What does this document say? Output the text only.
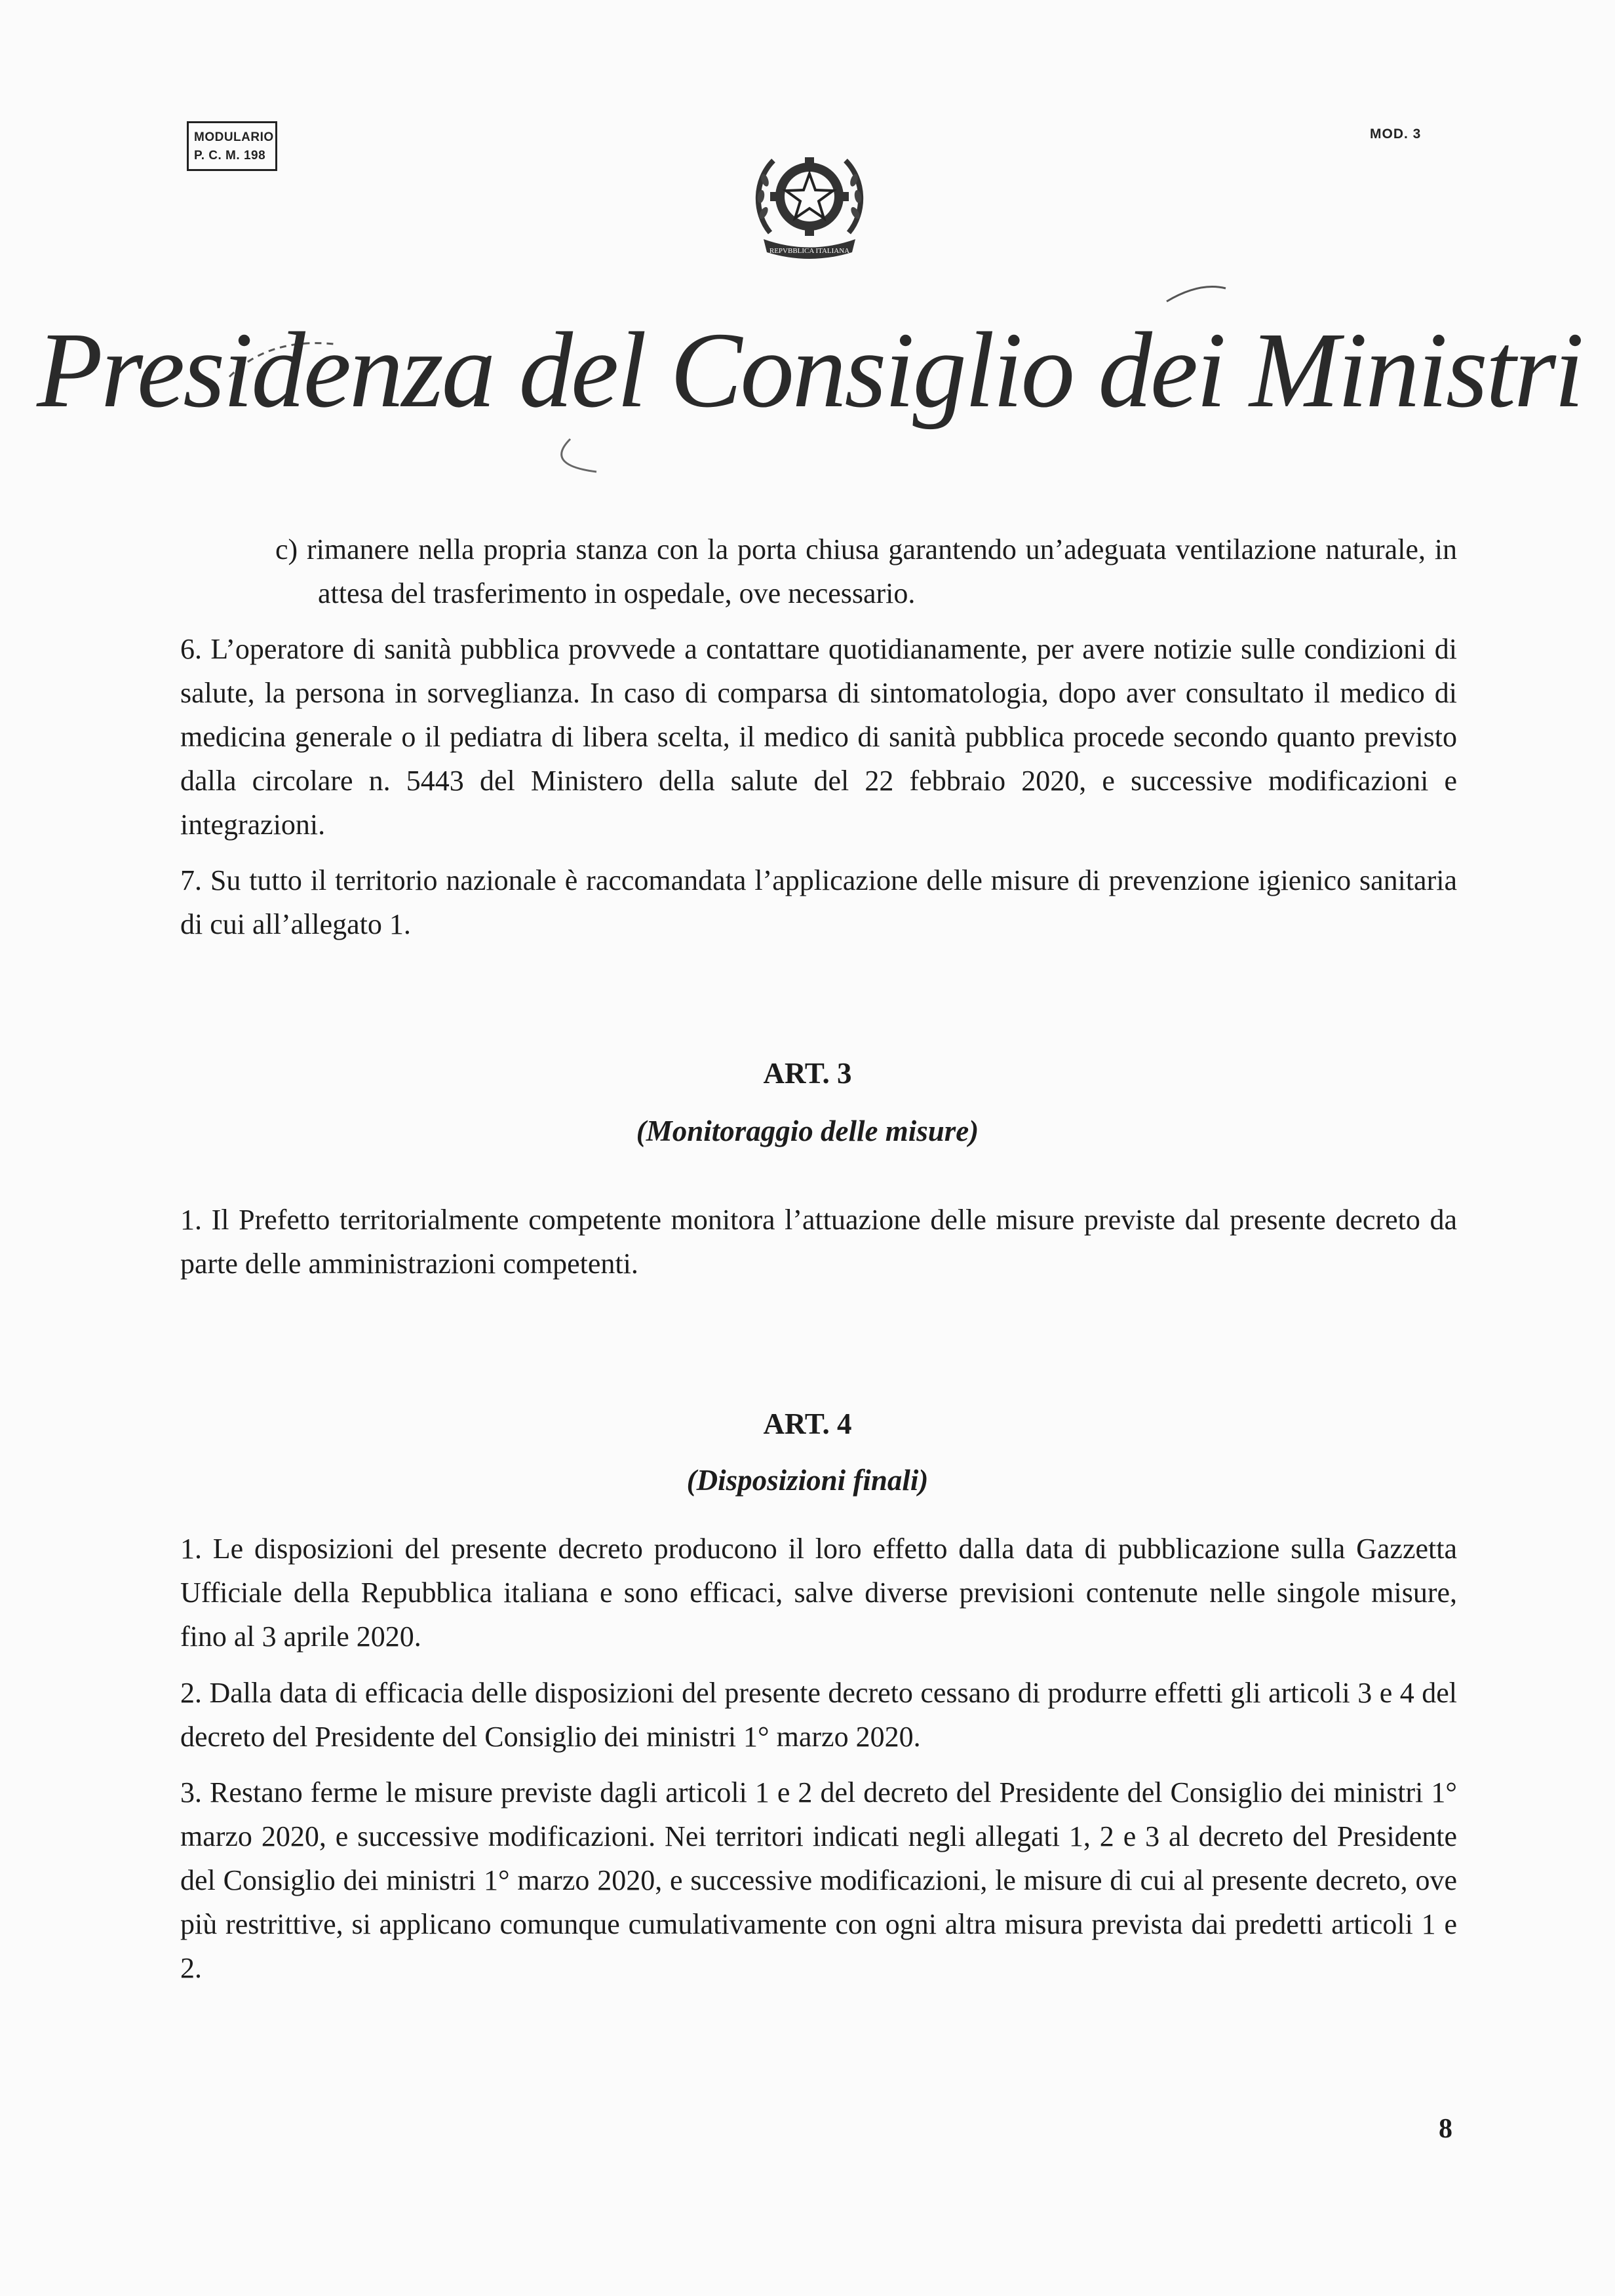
MODULARIO
P. C. M. 198
MOD. 3
REPVBBLICA ITALIANA
Presidenza del Consiglio dei Ministri

c) rimanere nella propria stanza con la porta chiusa garantendo un’adeguata ventilazione naturale, in attesa del trasferimento in ospedale, ove necessario.

6. L’operatore di sanità pubblica provvede a contattare quotidianamente, per avere notizie sulle condizioni di salute, la persona in sorveglianza. In caso di comparsa di sintomatologia, dopo aver consultato il medico di medicina generale o il pediatra di libera scelta, il medico di sanità pubblica procede secondo quanto previsto dalla circolare n. 5443 del Ministero della salute del 22 febbraio 2020, e successive modificazioni e integrazioni.

7. Su tutto il territorio nazionale è raccomandata l’applicazione delle misure di prevenzione igienico sanitaria di cui all’allegato 1.

ART. 3

(Monitoraggio delle misure)

1. Il Prefetto territorialmente competente monitora l’attuazione delle misure previste dal presente decreto da parte delle amministrazioni competenti.

ART. 4

(Disposizioni finali)

1. Le disposizioni del presente decreto producono il loro effetto dalla data di pubblicazione sulla Gazzetta Ufficiale della Repubblica italiana e sono efficaci, salve diverse previsioni contenute nelle singole misure, fino al 3 aprile 2020.

2. Dalla data di efficacia delle disposizioni del presente decreto cessano di produrre effetti gli articoli 3 e 4 del decreto del Presidente del Consiglio dei ministri 1° marzo 2020.

3. Restano ferme le misure previste dagli articoli 1 e 2 del decreto del Presidente del Consiglio dei ministri 1° marzo 2020, e successive modificazioni. Nei territori indicati negli allegati 1, 2 e 3 al decreto del Presidente del Consiglio dei ministri 1° marzo 2020, e successive modificazioni, le misure di cui al presente decreto, ove più restrittive, si applicano comunque cumulativamente con ogni altra misura prevista dai predetti articoli 1 e 2.

8
